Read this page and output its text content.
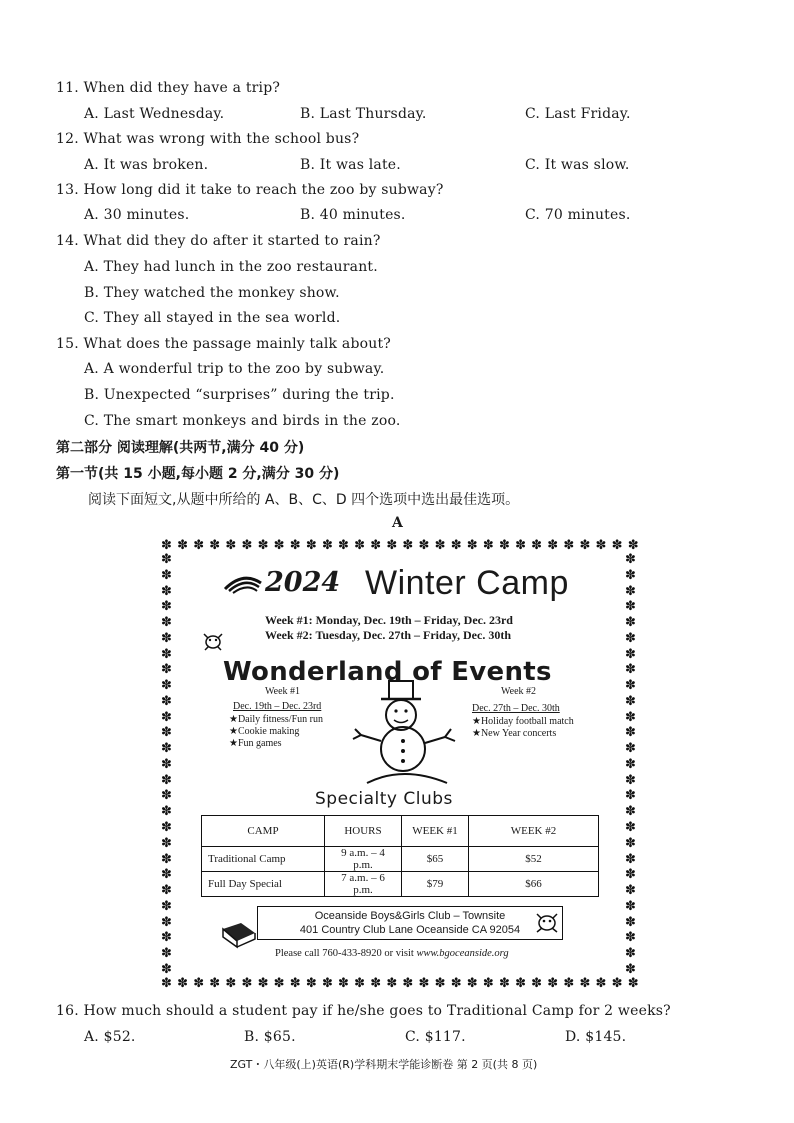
11. When did they have a trip?
A. Last Wednesday.	B. Last Thursday.	C. Last Friday.
12. What was wrong with the school bus?
A. It was broken.	B. It was late.	C. It was slow.
13. How long did it take to reach the zoo by subway?
A. 30 minutes.	B. 40 minutes.	C. 70 minutes.
14. What did they do after it started to rain?
A. They had lunch in the zoo restaurant.
B. They watched the monkey show.
C. They all stayed in the sea world.
15. What does the passage mainly talk about?
A. A wonderful trip to the zoo by subway.
B. Unexpected “surprises” during the trip.
C. The smart monkeys and birds in the zoo.
第二部分 阅读理解(共两节,满分 40 分)
第一节(共 15 小题,每小题 2 分,满分 30 分)
阅读下面短文,从题中所给的 A、B、C、D 四个选项中选出最佳选项。
A
✽ ✽ ✽ ✽ ✽ ✽ ✽ ✽ ✽ ✽ ✽ ✽ ✽ ✽ ✽ ✽ ✽ ✽ ✽ ✽ ✽ ✽ ✽ ✽ ✽ ✽ ✽ ✽ ✽ ✽
✽ ✽ ✽ ✽ ✽ ✽ ✽ ✽ ✽ ✽ ✽ ✽ ✽ ✽ ✽ ✽ ✽ ✽ ✽ ✽ ✽ ✽ ✽ ✽ ✽ ✽ ✽ ✽ ✽ ✽
✽
✽
✽
✽
✽
✽
✽
✽
✽
✽
✽
✽
✽
✽
✽
✽
✽
✽
✽
✽
✽
✽
✽
✽
✽
✽
✽
✽
✽
✽
✽
✽
✽
✽
✽
✽
✽
✽
✽
✽
✽
✽
✽
✽
✽
✽
✽
✽
✽
✽
✽
✽
✽
✽
2024 Winter Camp
Week #1: Monday, Dec. 19th – Friday, Dec. 23rd
Week #2: Tuesday, Dec. 27th – Friday, Dec. 30th
Wonderland of Events
Week #1
Dec. 19th – Dec. 23rd
★Daily fitness/Fun run
★Cookie making
★Fun games
Week #2
Dec. 27th – Dec. 30th
★Holiday football match
★New Year concerts
Specialty Clubs
CAMP	HOURS	WEEK #1	WEEK #2
Traditional Camp	9 a.m. – 4 p.m.	$65	$52
Full Day Special	7 a.m. – 6 p.m.	$79	$66
Oceanside Boys&Girls Club – Townsite
401 Country Club Lane Oceanside CA 92054
Please call 760-433-8920 or visit www.bgoceanside.org
16. How much should a student pay if he/she goes to Traditional Camp for 2 weeks?
A. $52.	B. $65.	C. $117.	D. $145.
ZGT・八年级(上)英语(R)学科期末学能诊断卷 第 2 页(共 8 页)
